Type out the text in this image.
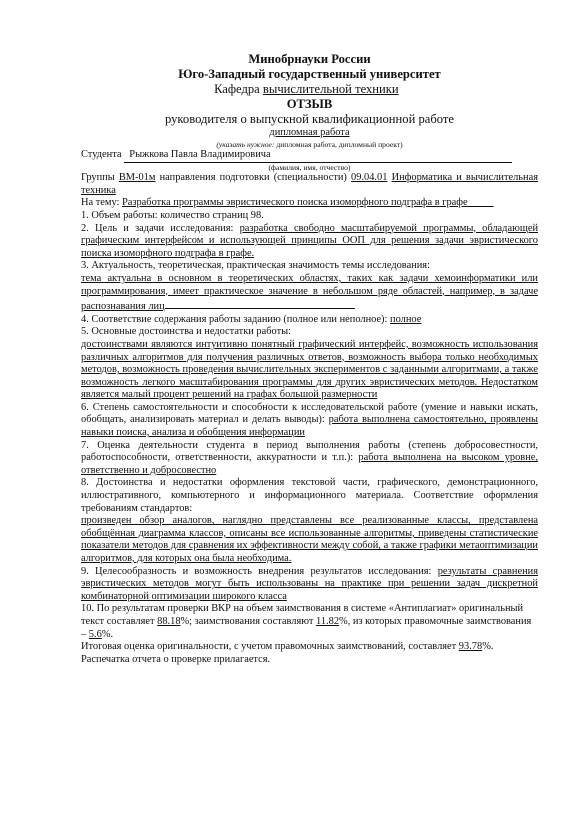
Минобрнауки России

Юго-Западный государственный университет

Кафедра вычислительной техники

ОТЗЫВ

руководителя о выпускной квалификационной работе

дипломная работа

(указать нужное: дипломная работа, дипломный проект)

Студента Рыжкова Павла Владимировича

(фамилия, имя, отчество)

Группы ВМ-01м направления подготовки (специальности) 09.04.01 Информатика и вычислительная техника

На тему: Разработка программы эвристического поиска изоморфного подграфа в графе

1. Объем работы: количество страниц 98.

2. Цель и задачи исследования: разработка свободно масштабируемой программы, обладающей графическим интерфейсом и использующей принципы ООП для решения задачи эвристического поиска изоморфного подграфа в графе.

3. Актуальность, теоретическая, практическая значимость темы исследования:

тема актуальна в основном в теоретических областях, таких как задачи хемоинформатики или программирования, имеет практическое значение в небольшом ряде областей, например, в задаче распознавания лиц

4. Соответствие содержания работы заданию (полное или неполное): полное

5. Основные достоинства и недостатки работы:

достоинствами являются интуитивно понятный графический интерфейс, возможность использования различных алгоритмов для получения различных ответов, возможность выбора только необходимых методов, возможность проведения вычислительных экспериментов с заданными алгоритмами, а также возможность легкого масштабирования программы для других эвристических методов. Недостатком является малый процент решений на графах большой размерности

6. Степень самостоятельности и способности к исследовательской работе (умение и навыки искать, обобщать, анализировать материал и делать выводы): работа выполнена самостоятельно, проявлены навыки поиска, анализа и обобщения информации

7. Оценка деятельности студента в период выполнения работы (степень добросовестности, работоспособности, ответственности, аккуратности и т.п.): работа выполнена на высоком уровне, ответственно и добросовестно

8. Достоинства и недостатки оформления текстовой части, графического, демонстрационного, иллюстративного, компьютерного и информационного материала. Соответствие оформления требованиям стандартов:

произведен обзор аналогов, наглядно представлены все реализованные классы, представлена обобщённая диаграмма классов, описаны все использованные алгоритмы, приведены статистические показатели методов для сравнения их эффективности между собой, а также графики метаоптимизации алгоритмов, для которых она была необходима.

9. Целесообразность и возможность внедрения результатов исследования: результаты сравнения эвристических методов могут быть использованы на практике при решении задач дискретной комбинаторной оптимизации широкого класса

10. По результатам проверки ВКР на объем заимствования в системе «Антиплагиат» оригинальный текст составляет 88.18%; заимствования составляют 11.82%, из которых правомочные заимствования – 5.6%.

Итоговая оценка оригинальности, с учетом правомочных заимствований, составляет 93.78%.

Распечатка отчета о проверке прилагается.
